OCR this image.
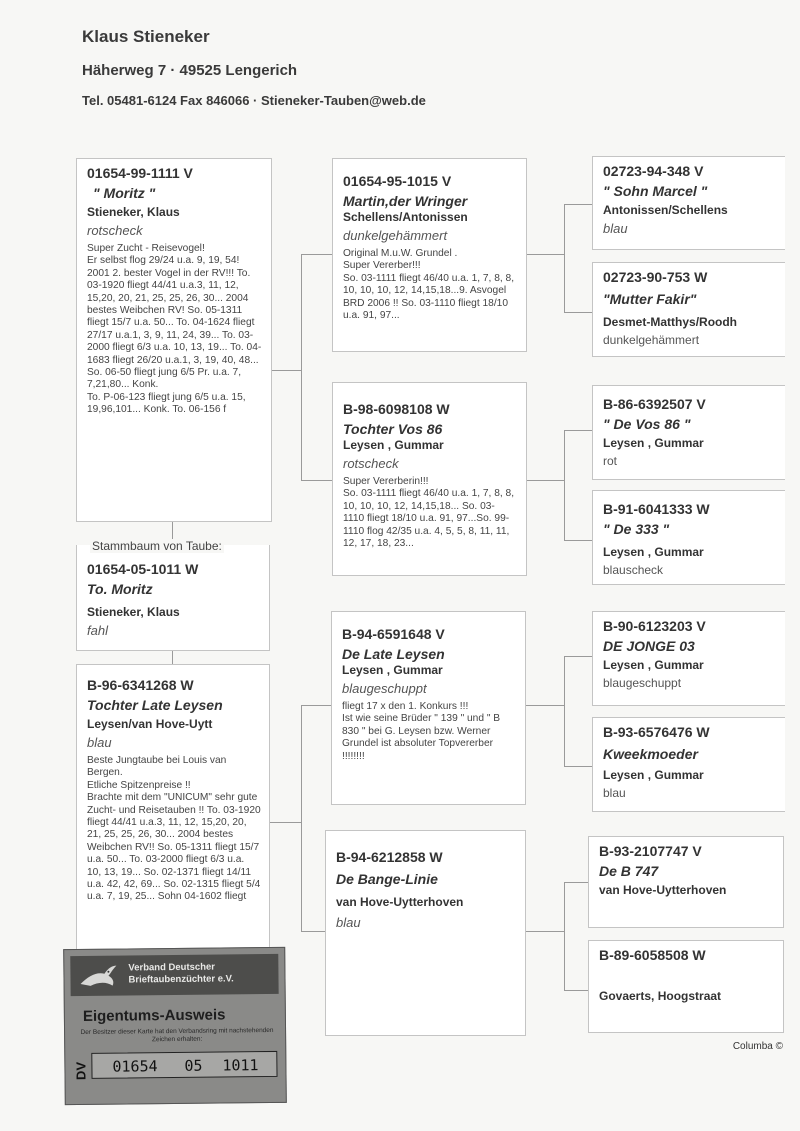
Klaus Stieneker
Häherweg 7 · 49525 Lengerich
Tel. 05481-6124 Fax 846066 · Stieneker-Tauben@web.de
01654-99-1111 V
" Moritz "
Stieneker, Klaus
rotscheck
Super Zucht - Reisevogel!
Er selbst flog 29/24 u.a. 9, 19, 54! 2001 2. bester Vogel in der RV!!! To. 03-1920 fliegt 44/41 u.a.3, 11, 12, 15,20, 20, 21, 25, 25, 26, 30... 2004 bestes Weibchen RV! So. 05-1311 fliegt 15/7 u.a. 50... To. 04-1624 fliegt 27/17 u.a.1, 3, 9, 11, 24, 39... To. 03-2000 fliegt 6/3 u.a. 10, 13, 19... To. 04-1683 fliegt 26/20 u.a.1, 3, 19, 40, 48...
So. 06-50 fliegt jung 6/5 Pr. u.a. 7, 7,21,80... Konk.
To. P-06-123 fliegt jung 6/5 u.a. 15, 19,96,101... Konk. To. 06-156 f
01654-05-1011 W
To. Moritz
Stieneker, Klaus
fahl
Stammbaum von Taube:
B-96-6341268 W
Tochter Late Leysen
Leysen/van Hove-Uytt
blau
Beste Jungtaube bei Louis van Bergen.
Etliche Spitzenpreise !!
Brachte mit dem "UNICUM" sehr gute Zucht- und Reisetauben !! To. 03-1920 fliegt 44/41 u.a.3, 11, 12, 15,20, 20, 21, 25, 25, 26, 30... 2004 bestes Weibchen RV!! So. 05-1311 fliegt 15/7 u.a. 50... To. 03-2000 fliegt 6/3 u.a. 10, 13, 19... So. 02-1371 fliegt 14/11 u.a. 42, 42, 69... So. 02-1315 fliegt 5/4 u.a. 7, 19, 25... Sohn 04-1602 fliegt
01654-95-1015 V
Martin,der Wringer
Schellens/Antonissen
dunkelgehämmert
Original M.u.W. Grundel .
Super Vererber!!!
So. 03-1111 fliegt 46/40 u.a. 1, 7, 8, 8, 10, 10, 10, 12, 14,15,18...9. Asvogel BRD 2006 !! So. 03-1110 fliegt 18/10 u.a. 91, 97...
B-98-6098108 W
Tochter Vos 86
Leysen , Gummar
rotscheck
Super Vererberin!!!
So. 03-1111 fliegt 46/40 u.a. 1, 7, 8, 8, 10, 10, 10, 12, 14,15,18... So. 03- 1110 fliegt 18/10 u.a. 91, 97...So. 99-1110 flog 42/35 u.a. 4, 5, 5, 8, 11, 11, 12, 17, 18, 23...
B-94-6591648 V
De Late Leysen
Leysen , Gummar
blaugeschuppt
fliegt 17 x den 1. Konkurs !!!
Ist wie seine Brüder " 139 " und " B 830 " bei G. Leysen bzw. Werner Grundel ist absoluter Topvererber !!!!!!!!
B-94-6212858 W
De Bange-Linie
van Hove-Uytterhoven
blau
02723-94-348 V
" Sohn Marcel "
Antonissen/Schellens
blau
02723-90-753 W
"Mutter Fakir"
Desmet-Matthys/Roodh
dunkelgehämmert
B-86-6392507 V
" De Vos 86 "
Leysen , Gummar
rot
B-91-6041333 W
" De 333 "
Leysen , Gummar
blauscheck
B-90-6123203 V
DE JONGE 03
Leysen , Gummar
blaugeschuppt
B-93-6576476 W
Kweekmoeder
Leysen , Gummar
blau
B-93-2107747 V
De B 747
van Hove-Uytterhoven
B-89-6058508 W
Govaerts, Hoogstraat
Verband Deutscher
Brieftaubenzüchter e.V.
Eigentums-Ausweis
Der Besitzer dieser Karte hat den Verbandsring mit nachstehenden Zeichen erhalten:
DV 01654 05 1011
Columba ©
